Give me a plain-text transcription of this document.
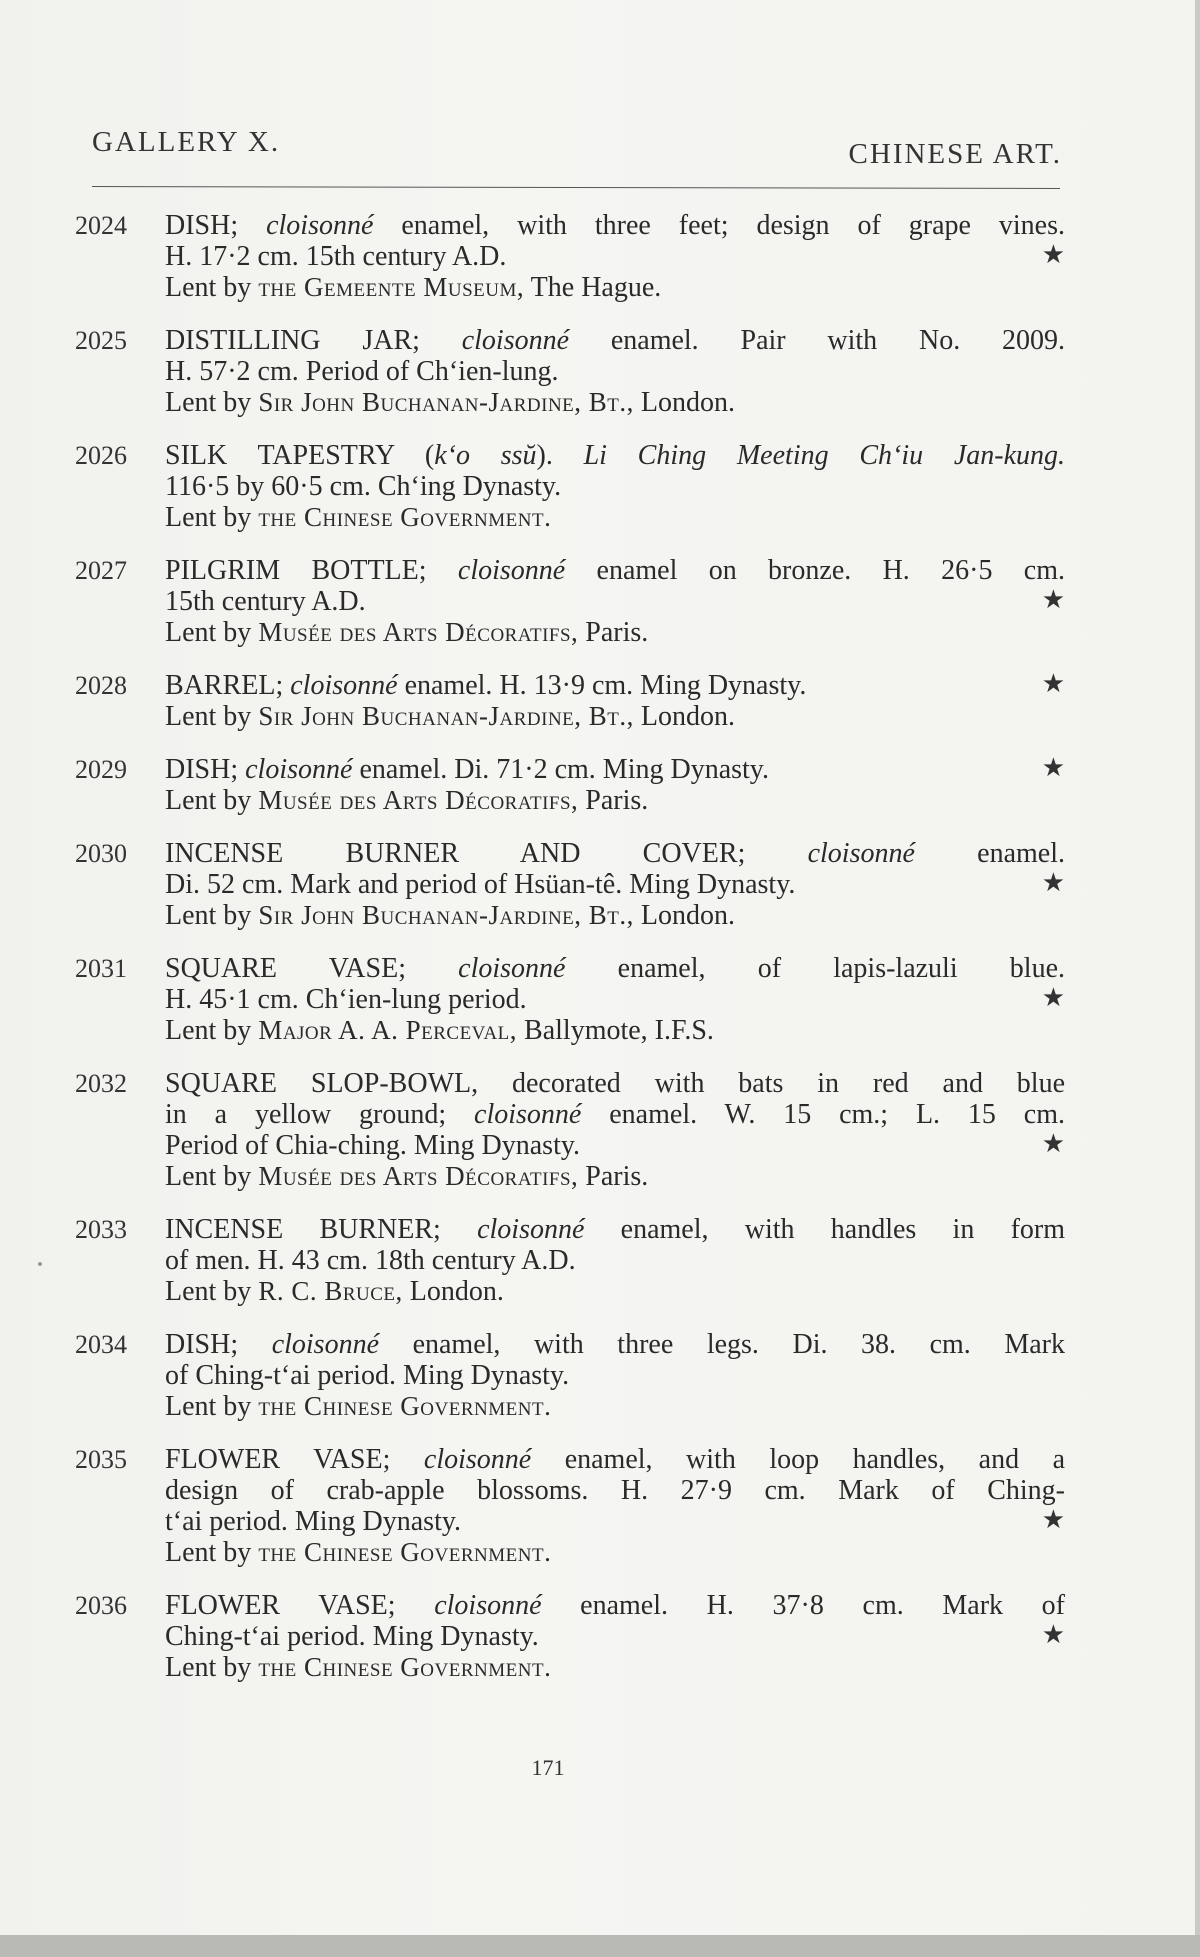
GALLERY X.	CHINESE ART.
2024 DISH; cloisonné enamel, with three feet; design of grape vines.
H. 17·2 cm. 15th century A.D.
Lent by the Gemeente Museum, The Hague.
★
2025 DISTILLING JAR; cloisonné enamel. Pair with No. 2009.
H. 57·2 cm. Period of Ch‘ien-lung.
Lent by Sir John Buchanan-Jardine, Bt., London.
2026 SILK TAPESTRY (k‘o ssŭ). Li Ching Meeting Ch‘iu Jan-kung.
116·5 by 60·5 cm. Ch‘ing Dynasty.
Lent by the Chinese Government.
2027 PILGRIM BOTTLE; cloisonné enamel on bronze. H. 26·5 cm.
15th century A.D.
Lent by Musée des Arts Décoratifs, Paris.
★
2028 BARREL; cloisonné enamel. H. 13·9 cm. Ming Dynasty.
Lent by Sir John Buchanan-Jardine, Bt., London.
★
2029 DISH; cloisonné enamel. Di. 71·2 cm. Ming Dynasty.
Lent by Musée des Arts Décoratifs, Paris.
★
2030 INCENSE BURNER AND COVER; cloisonné enamel.
Di. 52 cm. Mark and period of Hsüan-tê. Ming Dynasty.
Lent by Sir John Buchanan-Jardine, Bt., London.
★
2031 SQUARE VASE; cloisonné enamel, of lapis-lazuli blue.
H. 45·1 cm. Ch‘ien-lung period.
Lent by Major A. A. Perceval, Ballymote, I.F.S.
★
2032 SQUARE SLOP-BOWL, decorated with bats in red and blue
in a yellow ground; cloisonné enamel. W. 15 cm.; L. 15 cm.
Period of Chia-ching. Ming Dynasty.
Lent by Musée des Arts Décoratifs, Paris.
★
2033 INCENSE BURNER; cloisonné enamel, with handles in form
of men. H. 43 cm. 18th century A.D.
Lent by R. C. Bruce, London.
2034 DISH; cloisonné enamel, with three legs. Di. 38. cm. Mark
of Ching-t‘ai period. Ming Dynasty.
Lent by the Chinese Government.
2035 FLOWER VASE; cloisonné enamel, with loop handles, and a
design of crab-apple blossoms. H. 27·9 cm. Mark of Ching-
t‘ai period. Ming Dynasty.
Lent by the Chinese Government.
★
2036 FLOWER VASE; cloisonné enamel. H. 37·8 cm. Mark of
Ching-t‘ai period. Ming Dynasty.
Lent by the Chinese Government.
★
171
